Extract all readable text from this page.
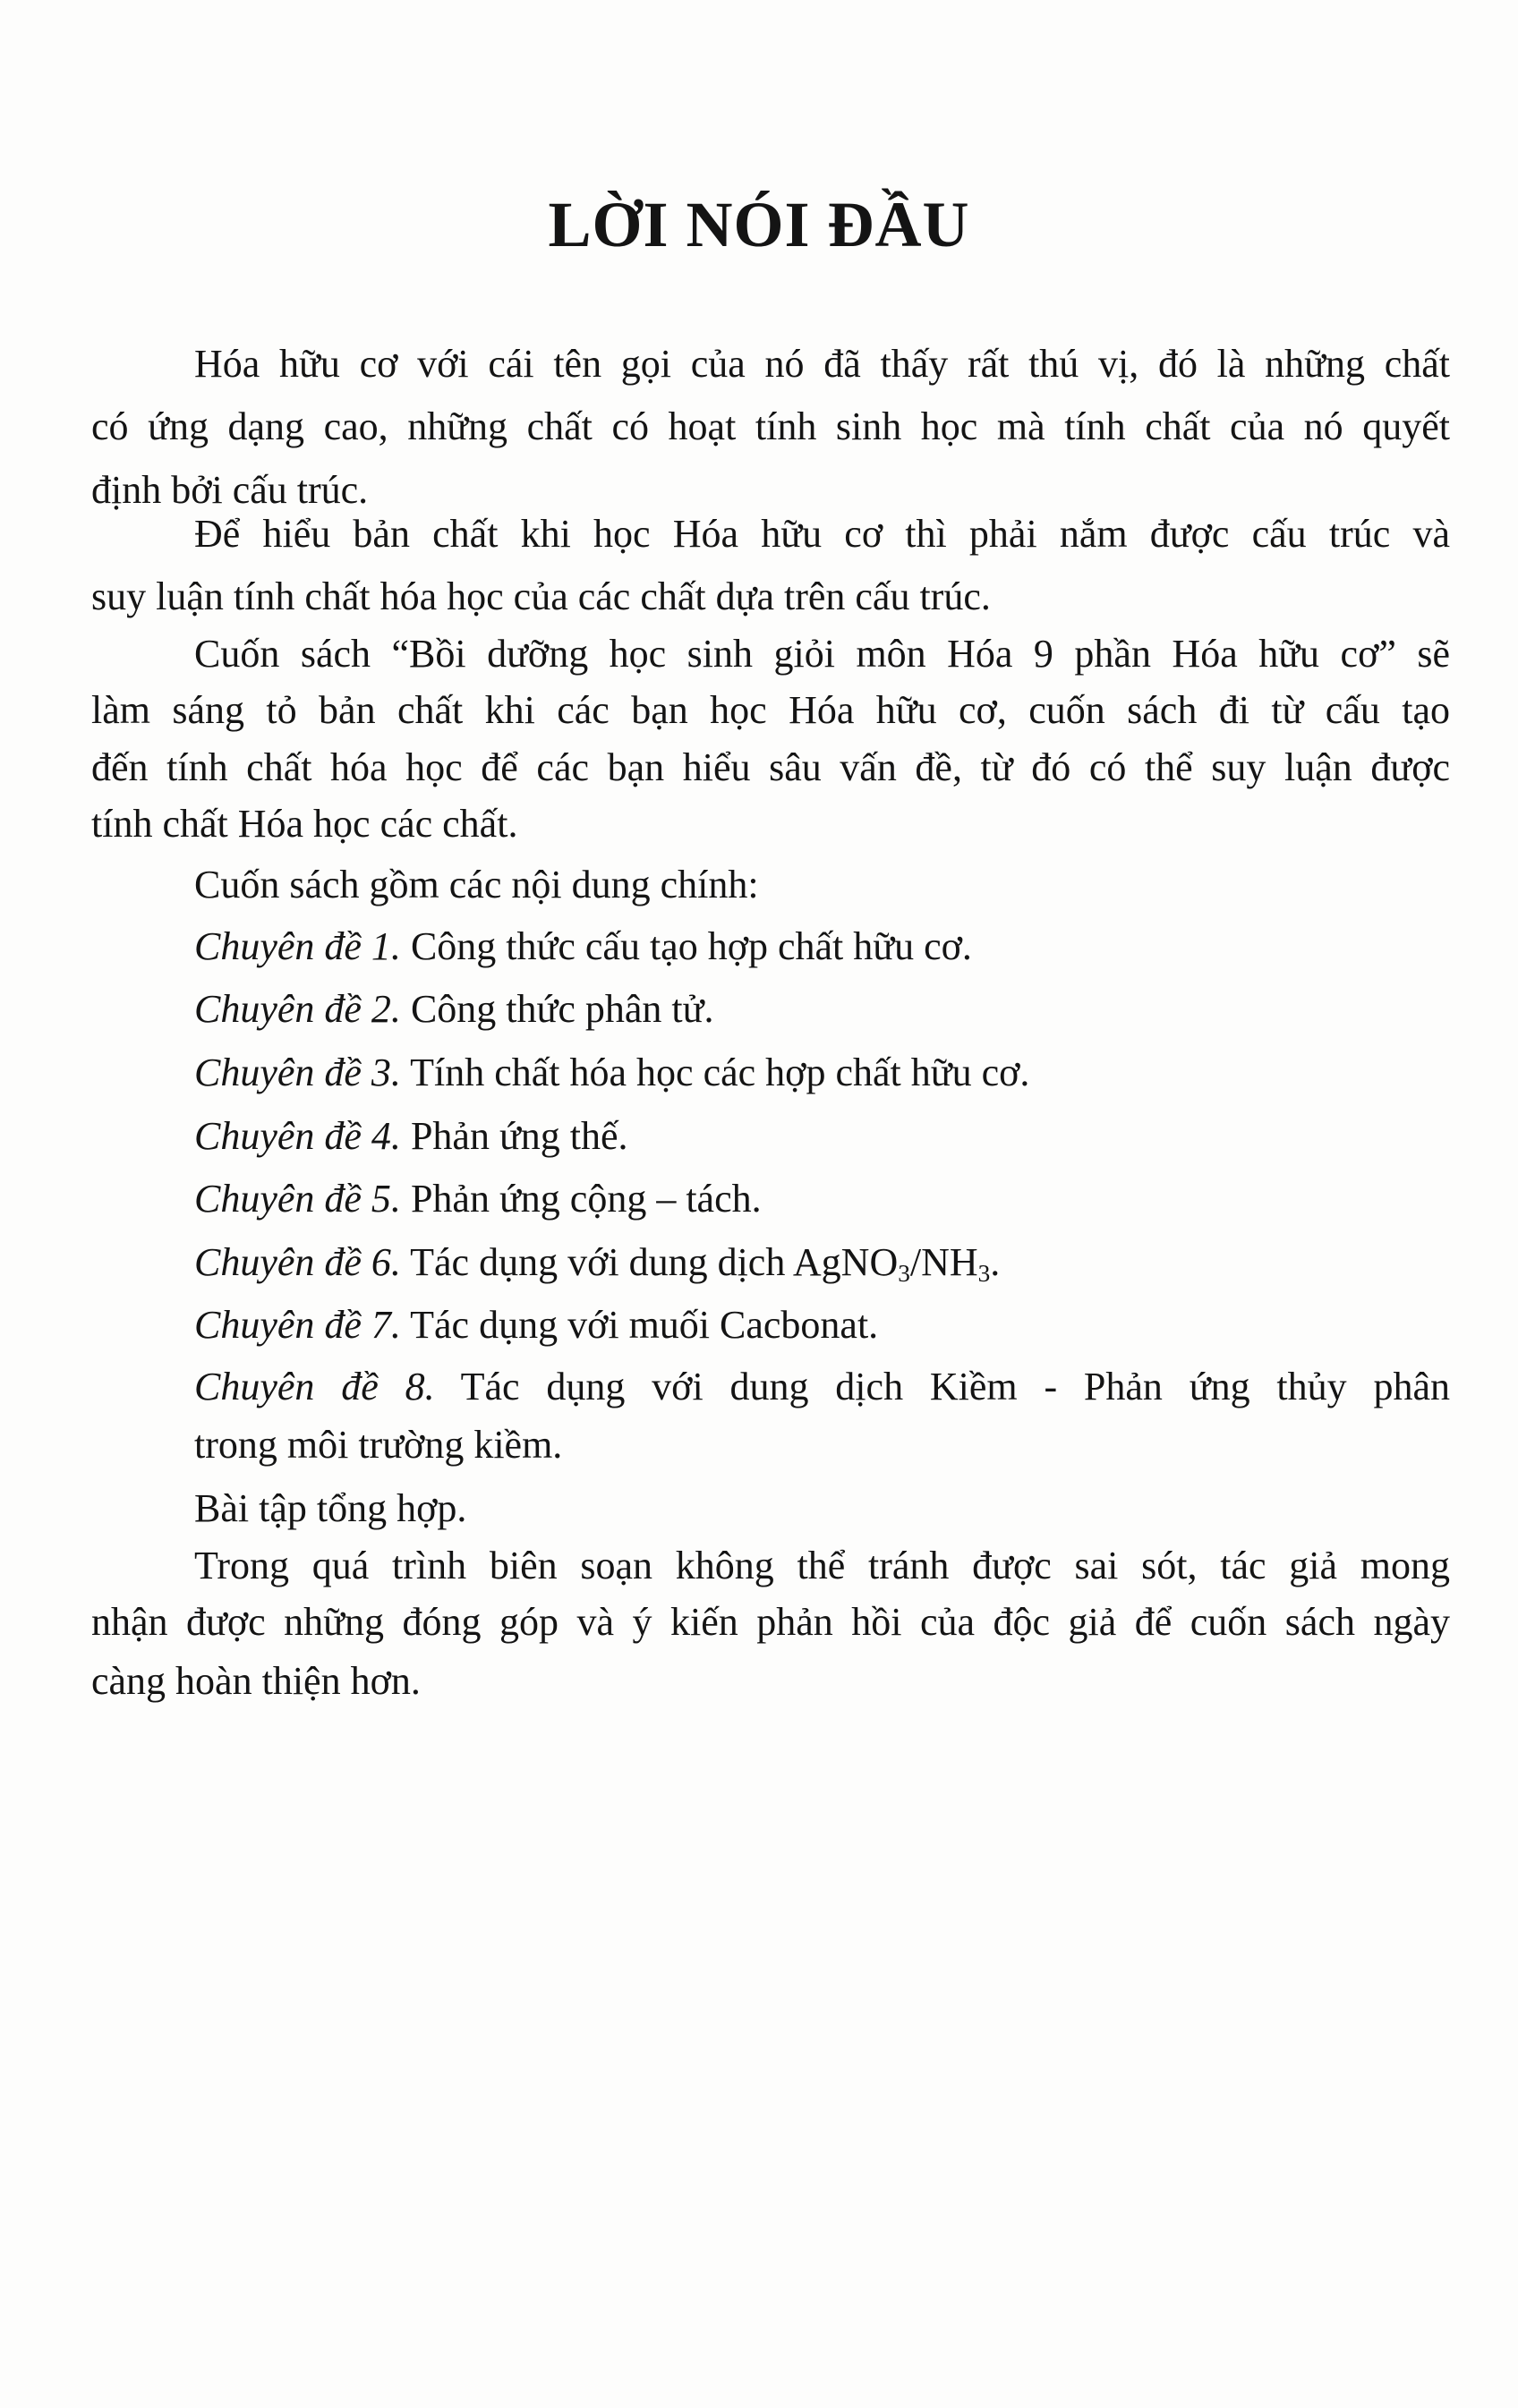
LỜI NÓI ĐẦU
Hóa hữu cơ với cái tên gọi của nó đã thấy rất thú vị, đó là những chất
có ứng dạng cao, những chất có hoạt tính sinh học mà tính chất của nó quyết
định bởi cấu trúc.
Để hiểu bản chất khi học Hóa hữu cơ thì phải nắm được cấu trúc và
suy luận tính chất hóa học của các chất dựa trên cấu trúc.
Cuốn sách “Bồi dưỡng học sinh giỏi môn Hóa 9 phần Hóa hữu cơ” sẽ
làm sáng tỏ bản chất khi các bạn học Hóa hữu cơ, cuốn sách đi từ cấu tạo
đến tính chất hóa học để các bạn hiểu sâu vấn đề, từ đó có thể suy luận được
tính chất Hóa học các chất.
Cuốn sách gồm các nội dung chính:
Chuyên đề 1. Công thức cấu tạo hợp chất hữu cơ.
Chuyên đề 2. Công thức phân tử.
Chuyên đề 3. Tính chất hóa học các hợp chất hữu cơ.
Chuyên đề 4. Phản ứng thế.
Chuyên đề 5. Phản ứng cộng – tách.
Chuyên đề 6. Tác dụng với dung dịch $AgNO_3/NH_3$.
Chuyên đề 7. Tác dụng với muối Cacbonat.
Chuyên đề 8. Tác dụng với dung dịch Kiềm - Phản ứng thủy phân
trong môi trường kiềm.
Bài tập tổng hợp.
Trong quá trình biên soạn không thể tránh được sai sót, tác giả mong
nhận được những đóng góp và ý kiến phản hồi của độc giả để cuốn sách ngày
càng hoàn thiện hơn.
